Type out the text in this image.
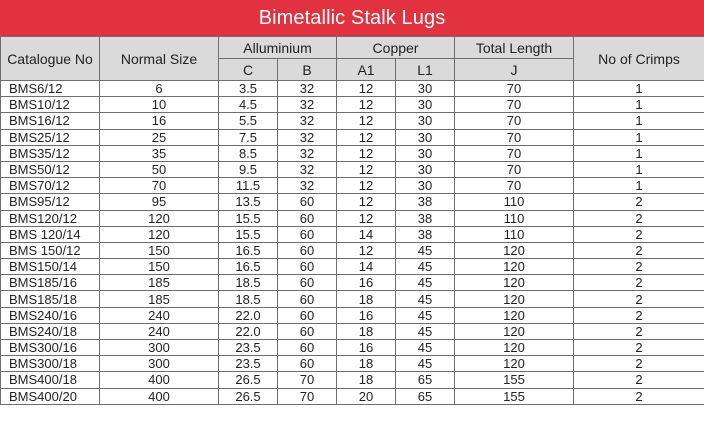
Bimetallic Stalk Lugs
Catalogue No	Normal Size	Alluminium		Copper		Total Length	No of Crimps
		C	B	A1	L1	J	
BMS6/12	6	3.5	32	12	30	70	1
BMS10/12	10	4.5	32	12	30	70	1
BMS16/12	16	5.5	32	12	30	70	1
BMS25/12	25	7.5	32	12	30	70	1
BMS35/12	35	8.5	32	12	30	70	1
BMS50/12	50	9.5	32	12	30	70	1
BMS70/12	70	11.5	32	12	30	70	1
BMS95/12	95	13.5	60	12	38	110	2
BMS120/12	120	15.5	60	12	38	110	2
BMS 120/14	120	15.5	60	14	38	110	2
BMS 150/12	150	16.5	60	12	45	120	2
BMS150/14	150	16.5	60	14	45	120	2
BMS185/16	185	18.5	60	16	45	120	2
BMS185/18	185	18.5	60	18	45	120	2
BMS240/16	240	22.0	60	16	45	120	2
BMS240/18	240	22.0	60	18	45	120	2
BMS300/16	300	23.5	60	16	45	120	2
BMS300/18	300	23.5	60	18	45	120	2
BMS400/18	400	26.5	70	18	65	155	2
BMS400/20	400	26.5	70	20	65	155	2
